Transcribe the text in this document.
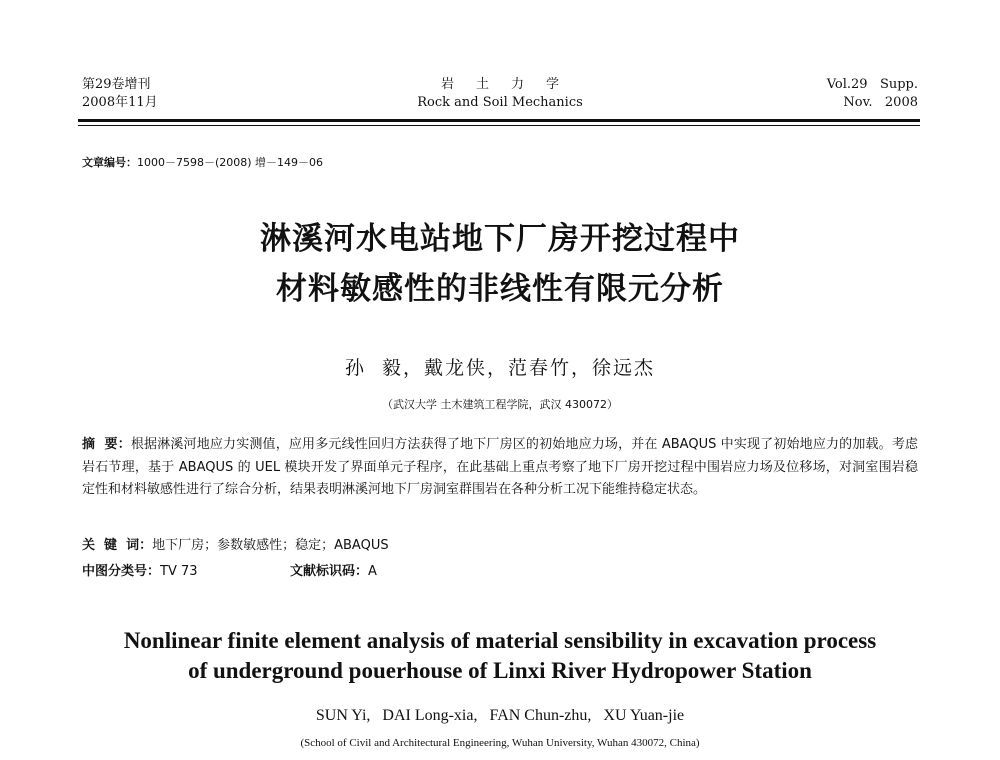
第29卷增刊
2008年11月
岩土力学
Rock and Soil Mechanics
Vol.29   Supp.
Nov.   2008
文章编号：1000－7598－(2008) 增－149－06
淋溪河水电站地下厂房开挖过程中
材料敏感性的非线性有限元分析
孙  毅，戴龙侠，范春竹，徐远杰
（武汉大学 土木建筑工程学院，武汉 430072）
摘  要：根据淋溪河地应力实测值，应用多元线性回归方法获得了地下厂房区的初始地应力场，并在 ABAQUS 中实现了初始地应力的加载。考虑岩石节理，基于 ABAQUS 的 UEL 模块开发了界面单元子程序，在此基础上重点考察了地下厂房开挖过程中围岩应力场及位移场，对洞室围岩稳定性和材料敏感性进行了综合分析，结果表明淋溪河地下厂房洞室群围岩在各种分析工况下能维持稳定状态。
关  键  词：地下厂房；参数敏感性；稳定；ABAQUS
中图分类号：TV 73	文献标识码：A
Nonlinear finite element analysis of material sensibility in excavation process
of underground pouerhouse of Linxi River Hydropower Station
SUN Yi,   DAI Long-xia,   FAN Chun-zhu,   XU Yuan-jie
(School of Civil and Architectural Engineering, Wuhan University, Wuhan 430072, China)
